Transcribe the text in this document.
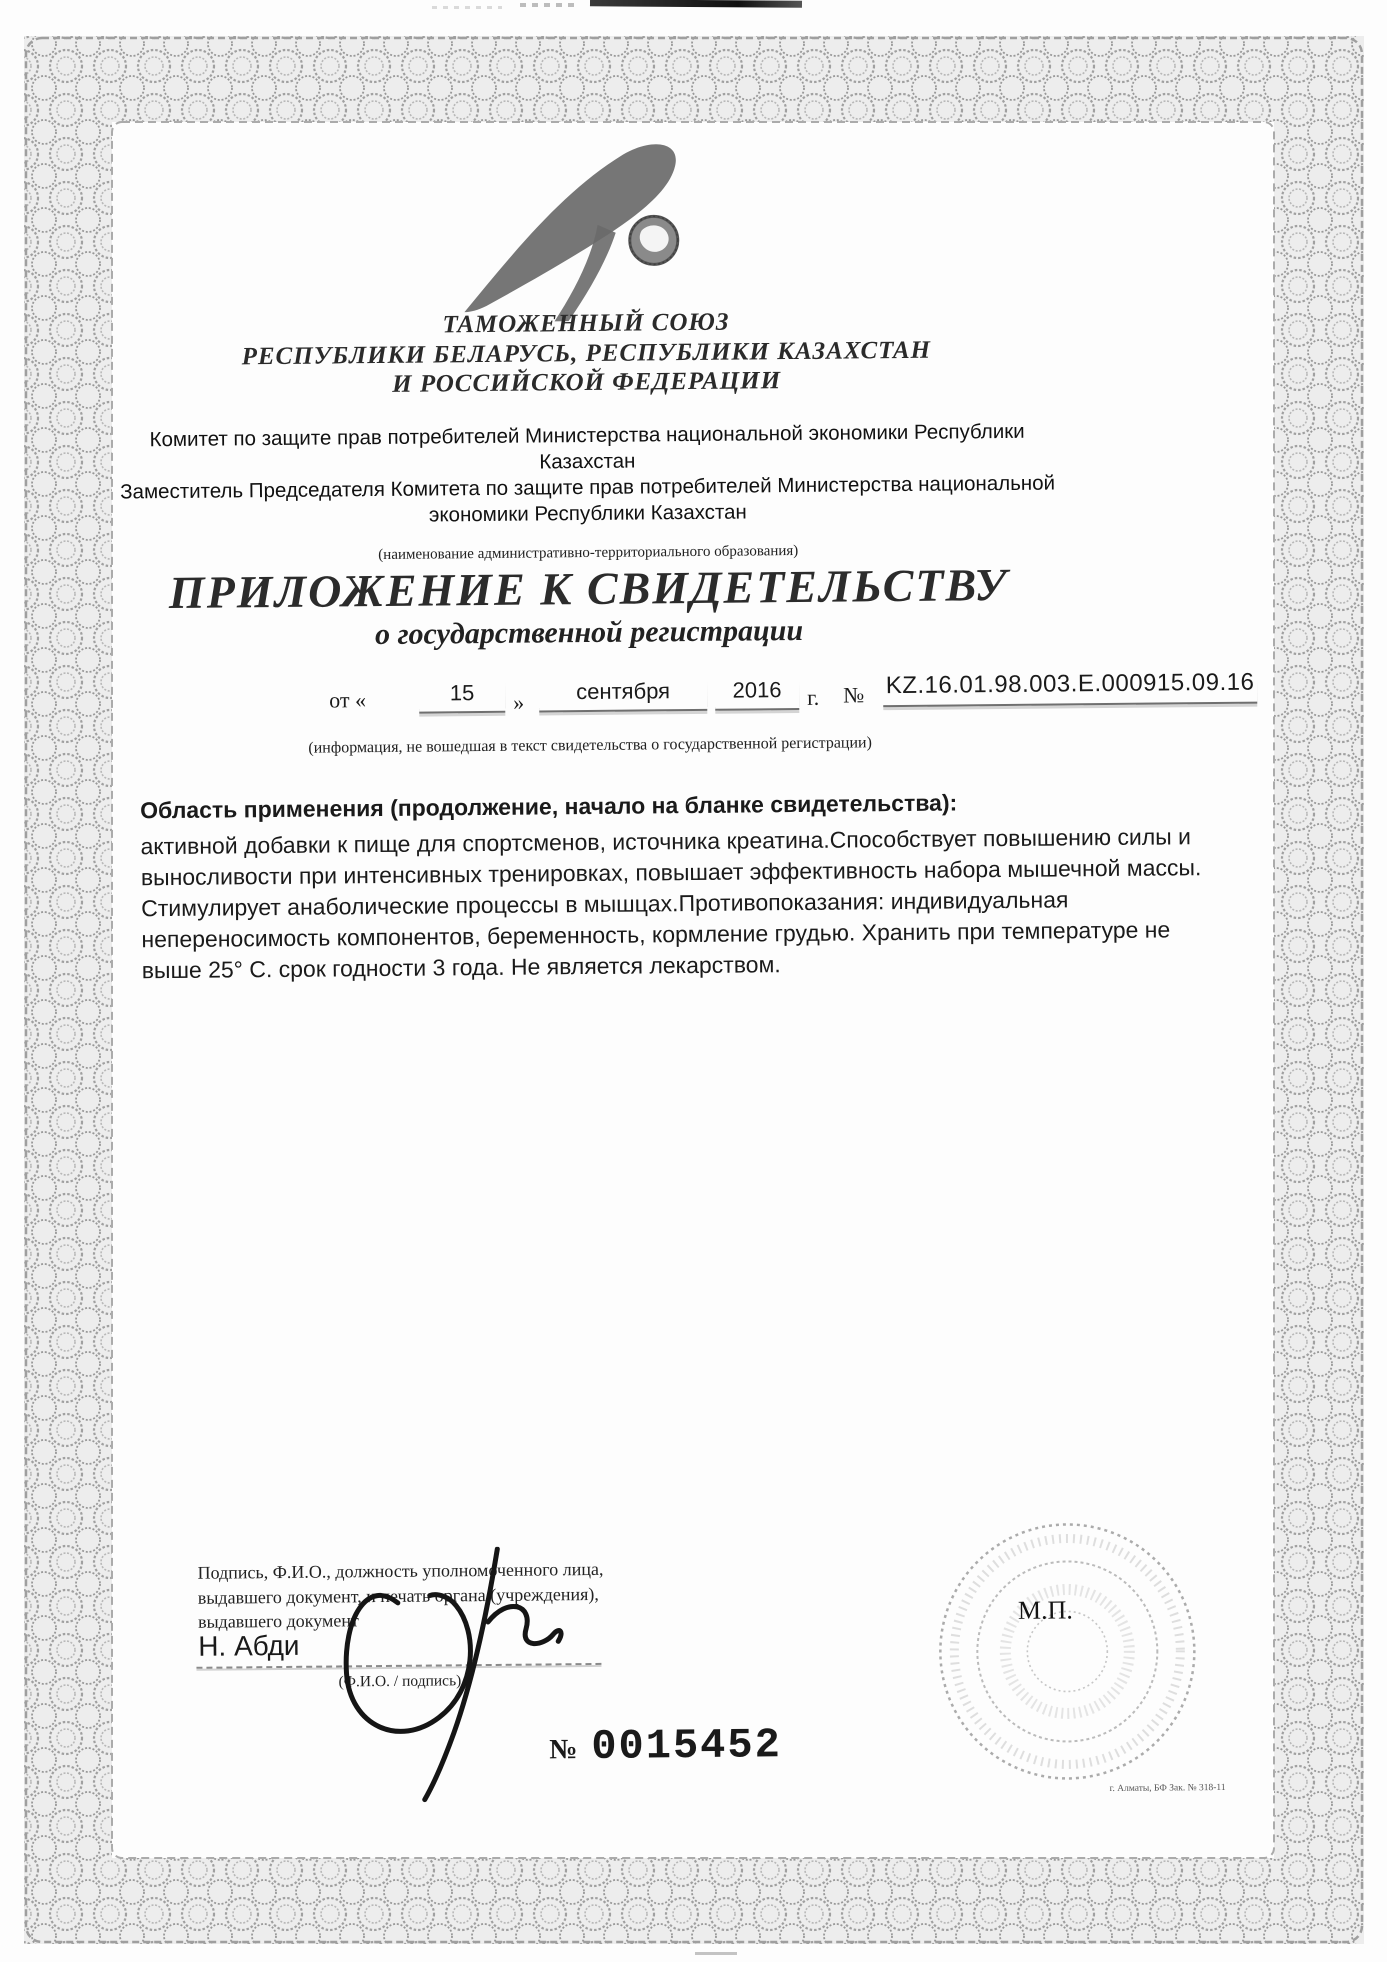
ТАМОЖЕННЫЙ СОЮЗ
РЕСПУБЛИКИ БЕЛАРУСЬ, РЕСПУБЛИКИ КАЗАХСТАН
И РОССИЙСКОЙ ФЕДЕРАЦИИ
Комитет по защите прав потребителей Министерства национальной экономики Республики
Казахстан
Заместитель Председателя Комитета по защите прав потребителей Министерства национальной
экономики Республики Казахстан
(наименование административно-территориального образования)
ПРИЛОЖЕНИЕ К СВИДЕТЕЛЬСТВУ
о государственной регистрации
от «	15	»	сентября	2016	г. № KZ.16.01.98.003.E.000915.09.16
(информация, не вошедшая в текст свидетельства о государственной регистрации)
Область применения (продолжение, начало на бланке свидетельства):
активной добавки к пище для спортсменов, источника креатина.Способствует повышению силы и
выносливости при интенсивных тренировках, повышает эффективность набора мышечной массы.
Стимулирует анаболические процессы в мышцах.Противопоказания: индивидуальная
непереносимость компонентов, беременность, кормление грудью. Хранить при температуре не
выше 25° С. срок годности 3 года. Не является лекарством.
Подпись, Ф.И.О., должность уполномоченного лица,
выдавшего документ, и печать органа (учреждения),
выдавшего документ
Н. Абди
(Ф.И.О. / подпись)
№ 0015452
М.П.
г. Алматы, БФ Зак. № 318-11
